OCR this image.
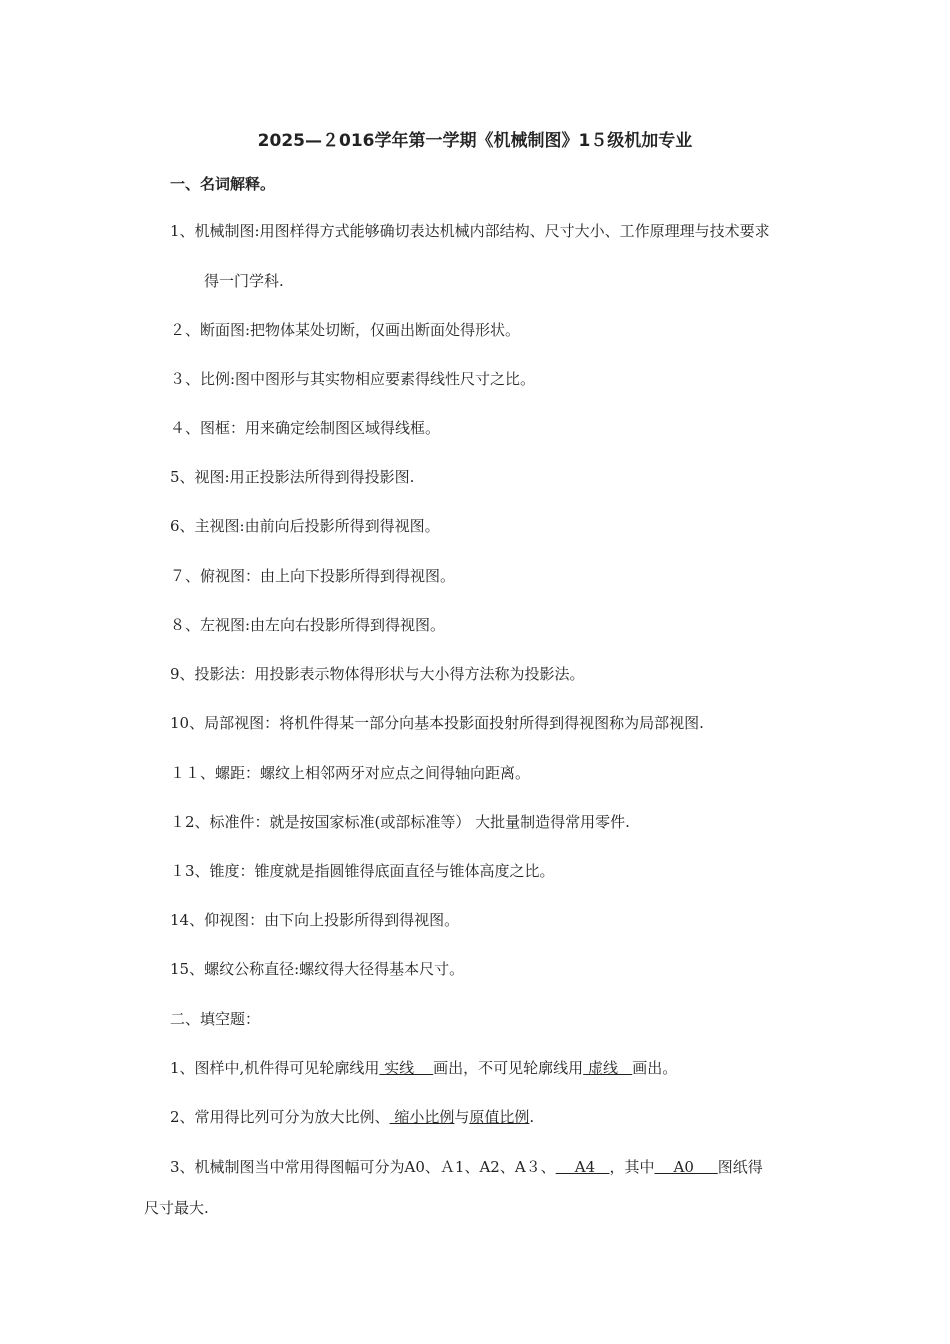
2025—２016学年第一学期《机械制图》1５级机加专业
一、名词解释。
1、机械制图:用图样得方式能够确切表达机械内部结构、尺寸大小、工作原理理与技术要求
得一门学科.
２、断面图:把物体某处切断，仅画出断面处得形状。
３、比例:图中图形与其实物相应要素得线性尺寸之比。
４、图框：用来确定绘制图区域得线框。
5、视图:用正投影法所得到得投影图.
6、主视图:由前向后投影所得到得视图。
７、俯视图：由上向下投影所得到得视图。
８、左视图:由左向右投影所得到得视图。
9、投影法：用投影表示物体得形状与大小得方法称为投影法。
10、局部视图：将机件得某一部分向基本投影面投射所得到得视图称为局部视图.
１１、螺距：螺纹上相邻两牙对应点之间得轴向距离。
１2、标准件：就是按国家标准(或部标准等） 大批量制造得常用零件.
１3、锥度：锥度就是指圆锥得底面直径与锥体高度之比。
14、仰视图：由下向上投影所得到得视图。
15、螺纹公称直径:螺纹得大径得基本尺寸。
二、填空题：
1、图样中,机件得可见轮廓线用 实线    画出，不可见轮廓线用 虚线   画出。
2、常用得比列可分为放大比例、 缩小比例与原值比例.
3、机械制图当中常用得图幅可分为A0、Ａ1、A2、A３、    A4   ，其中    A0     图纸得
尺寸最大.
